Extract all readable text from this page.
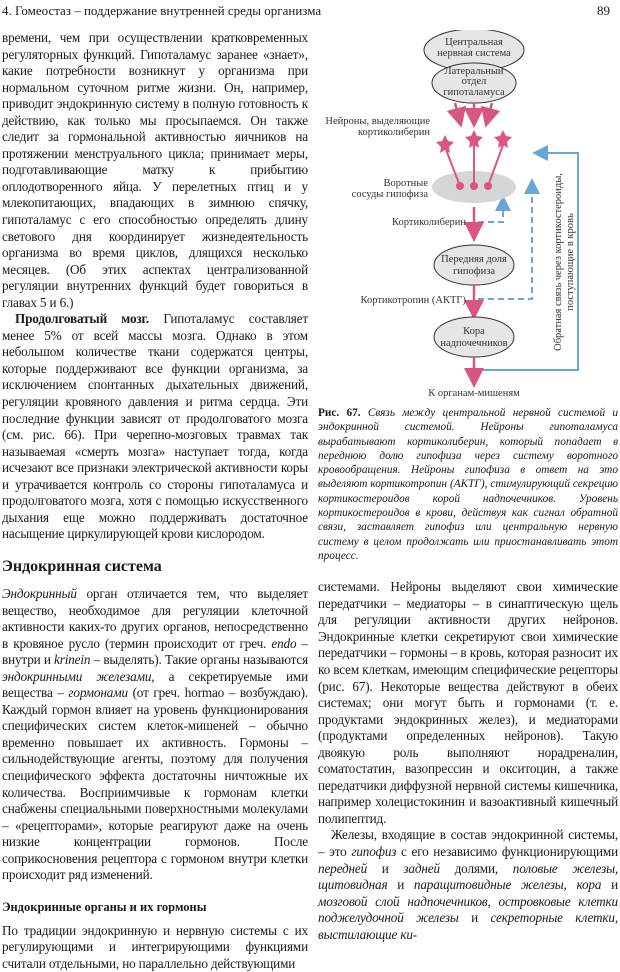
4. Гомеостаз – поддержание внутренней среды организма	89

времени, чем при осуществлении кратковременных регуляторных функций. Гипоталамус заранее «знает», какие потребности возникнут у организма при нормальном суточном ритме жизни. Он, например, приводит эндокринную систему в полную готовность к действию, как только мы просыпаемся. Он также следит за гормональной активностью яичников на протяжении менструального цикла; принимает меры, подготавливающие матку к прибытию оплодотворенного яйца. У перелетных птиц и у млекопитающих, впадающих в зимнюю спячку, гипоталамус с его способностью определять длину светового дня координирует жизнедеятельность организма во время циклов, длящихся несколько месяцев. (Об этих аспектах централизованной регуляции внутренних функций будет говориться в главах 5 и 6.)

Продолговатый мозг. Гипоталамус составляет менее 5% от всей массы мозга. Однако в этом небольшом количестве ткани содержатся центры, которые поддерживают все функции организма, за исключением спонтанных дыхательных движений, регуляции кровяного давления и ритма сердца. Эти последние функции зависят от продолговатого мозга (см. рис. 66). При черепно-мозговых травмах так называемая «смерть мозга» наступает тогда, когда исчезают все признаки электрической активности коры и утрачивается контроль со стороны гипоталамуса и продолговатого мозга, хотя с помощью искусственного дыхания еще можно поддерживать достаточное насыщение циркулирующей крови кислородом.

Эндокринная система

Эндокринный орган отличается тем, что выделяет вещество, необходимое для регуляции клеточной активности каких-то других органов, непосредственно в кровяное русло (термин происходит от греч. endo – внутри и krinein – выделять). Такие органы называются эндокринными железами, а секретируемые ими вещества – гормонами (от греч. hormao – возбуждаю). Каждый гормон влияет на уровень функционирования специфических систем клеток-мишеней – обычно временно повышает их активность. Гормоны – сильнодействующие агенты, поэтому для получения специфического эффекта достаточны ничтожные их количества. Восприимчивые к гормонам клетки снабжены специальными поверхностными молекулами – «рецепторами», которые реагируют даже на очень низкие концентрации гормонов. После соприкосновения рецептора с гормоном внутри клетки происходит ряд изменений.

Эндокринные органы и их гормоны

По традиции эндокринную и нервную системы с их регулирующими и интегрирующими функциями считали отдельными, но параллельно действующими

Обратная связь через кортикостероиды,поступающие в кровь
Центральная нервная система
Латеральный отдел гипоталамуса
Нейроны, выделяющие кортиколиберин
Воротные сосуды гипофиза
Кортиколиберин
Передняя доля гипофиза
Кортикотропин (АКТГ)
Кора надпочечников
К органам-мишеням
Рис. 67. Связь между центральной нервной системой и эндокринной системой. Нейроны гипоталамуса вырабатывают кортиколиберин, который попадает в переднюю долю гипофиза через систему воротного кровообращения. Нейроны гипофиза в ответ на это выделяют кортикотропин (АКТГ), стимулирующий секрецию кортикостероидов корой надпочечников. Уровень кортикостероидов в крови, действуя как сигнал обратной связи, заставляет гипофиз или центральную нервную систему в целом продолжать или приостанавливать этот процесс.

системами. Нейроны выделяют свои химические передатчики – медиаторы – в синаптическую щель для регуляции активности других нейронов. Эндокринные клетки секретируют свои химические передатчики – гормоны – в кровь, которая разносит их ко всем клеткам, имеющим специфические рецепторы (рис. 67). Некоторые вещества действуют в обеих системах; они могут быть и гормонами (т. е. продуктами эндокринных желез), и медиаторами (продуктами определенных нейронов). Такую двоякую роль выполняют норадреналин, соматостатин, вазопрессин и окситоцин, а также передатчики диффузной нервной системы кишечника, например холецистокинин и вазоактивный кишечный полипептид.

Железы, входящие в состав эндокринной системы, – это гипофиз с его независимо функционирующими передней и задней долями, половые железы, щитовидная и паращитовидные железы, кора и мозговой слой надпочечников, островковые клетки поджелудочной железы и секреторные клетки, выстилающие ки-
